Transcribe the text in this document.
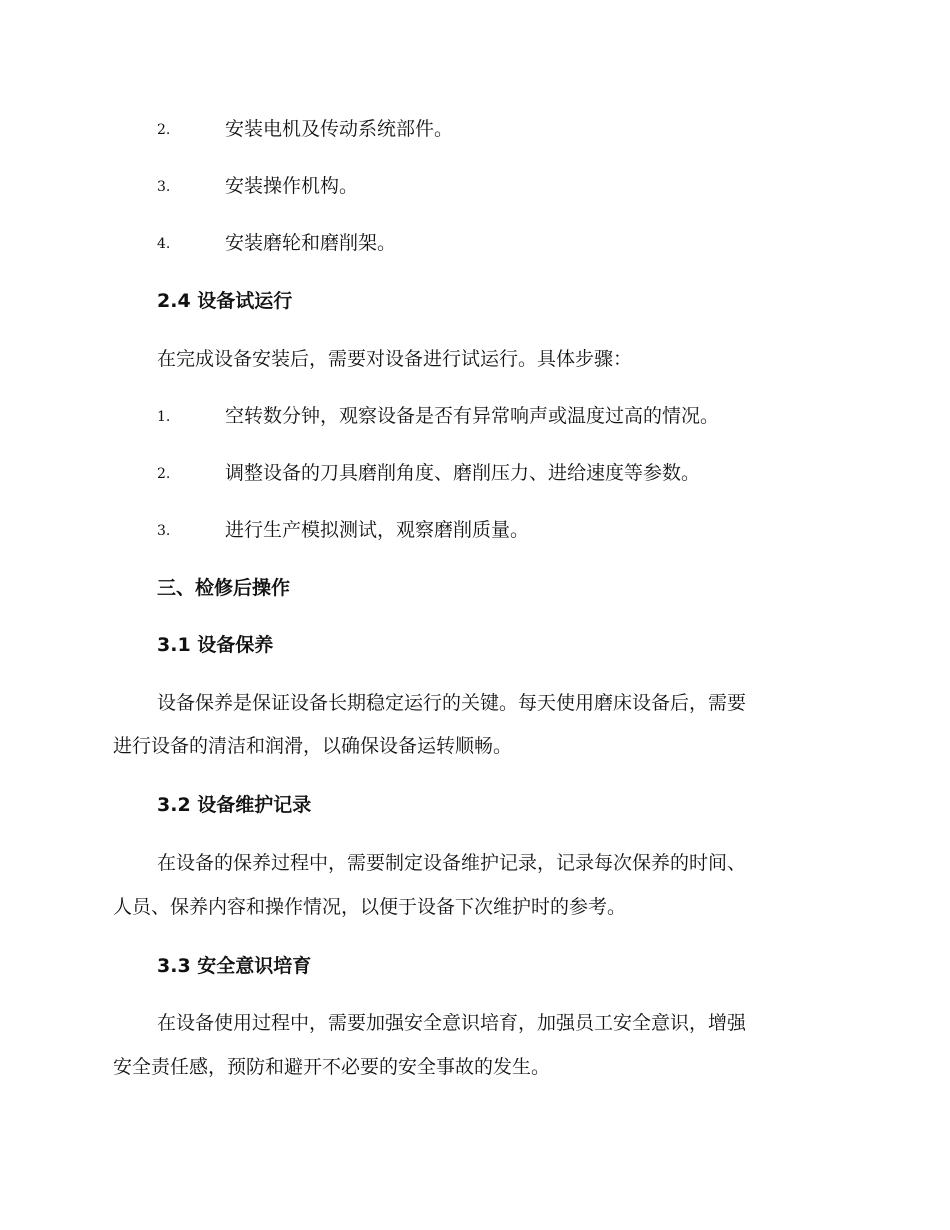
2.	安装电机及传动系统部件。
3.	安装操作机构。
4.	安装磨轮和磨削架。
2.4 设备试运行
在完成设备安装后，需要对设备进行试运行。具体步骤：
1.	空转数分钟，观察设备是否有异常响声或温度过高的情况。
2.	调整设备的刀具磨削角度、磨削压力、进给速度等参数。
3.	进行生产模拟测试，观察磨削质量。
三、检修后操作
3.1 设备保养
设备保养是保证设备长期稳定运行的关键。每天使用磨床设备后，需要
进行设备的清洁和润滑，以确保设备运转顺畅。
3.2 设备维护记录
在设备的保养过程中，需要制定设备维护记录，记录每次保养的时间、
人员、保养内容和操作情况，以便于设备下次维护时的参考。
3.3 安全意识培育
在设备使用过程中，需要加强安全意识培育，加强员工安全意识，增强
安全责任感，预防和避开不必要的安全事故的发生。
